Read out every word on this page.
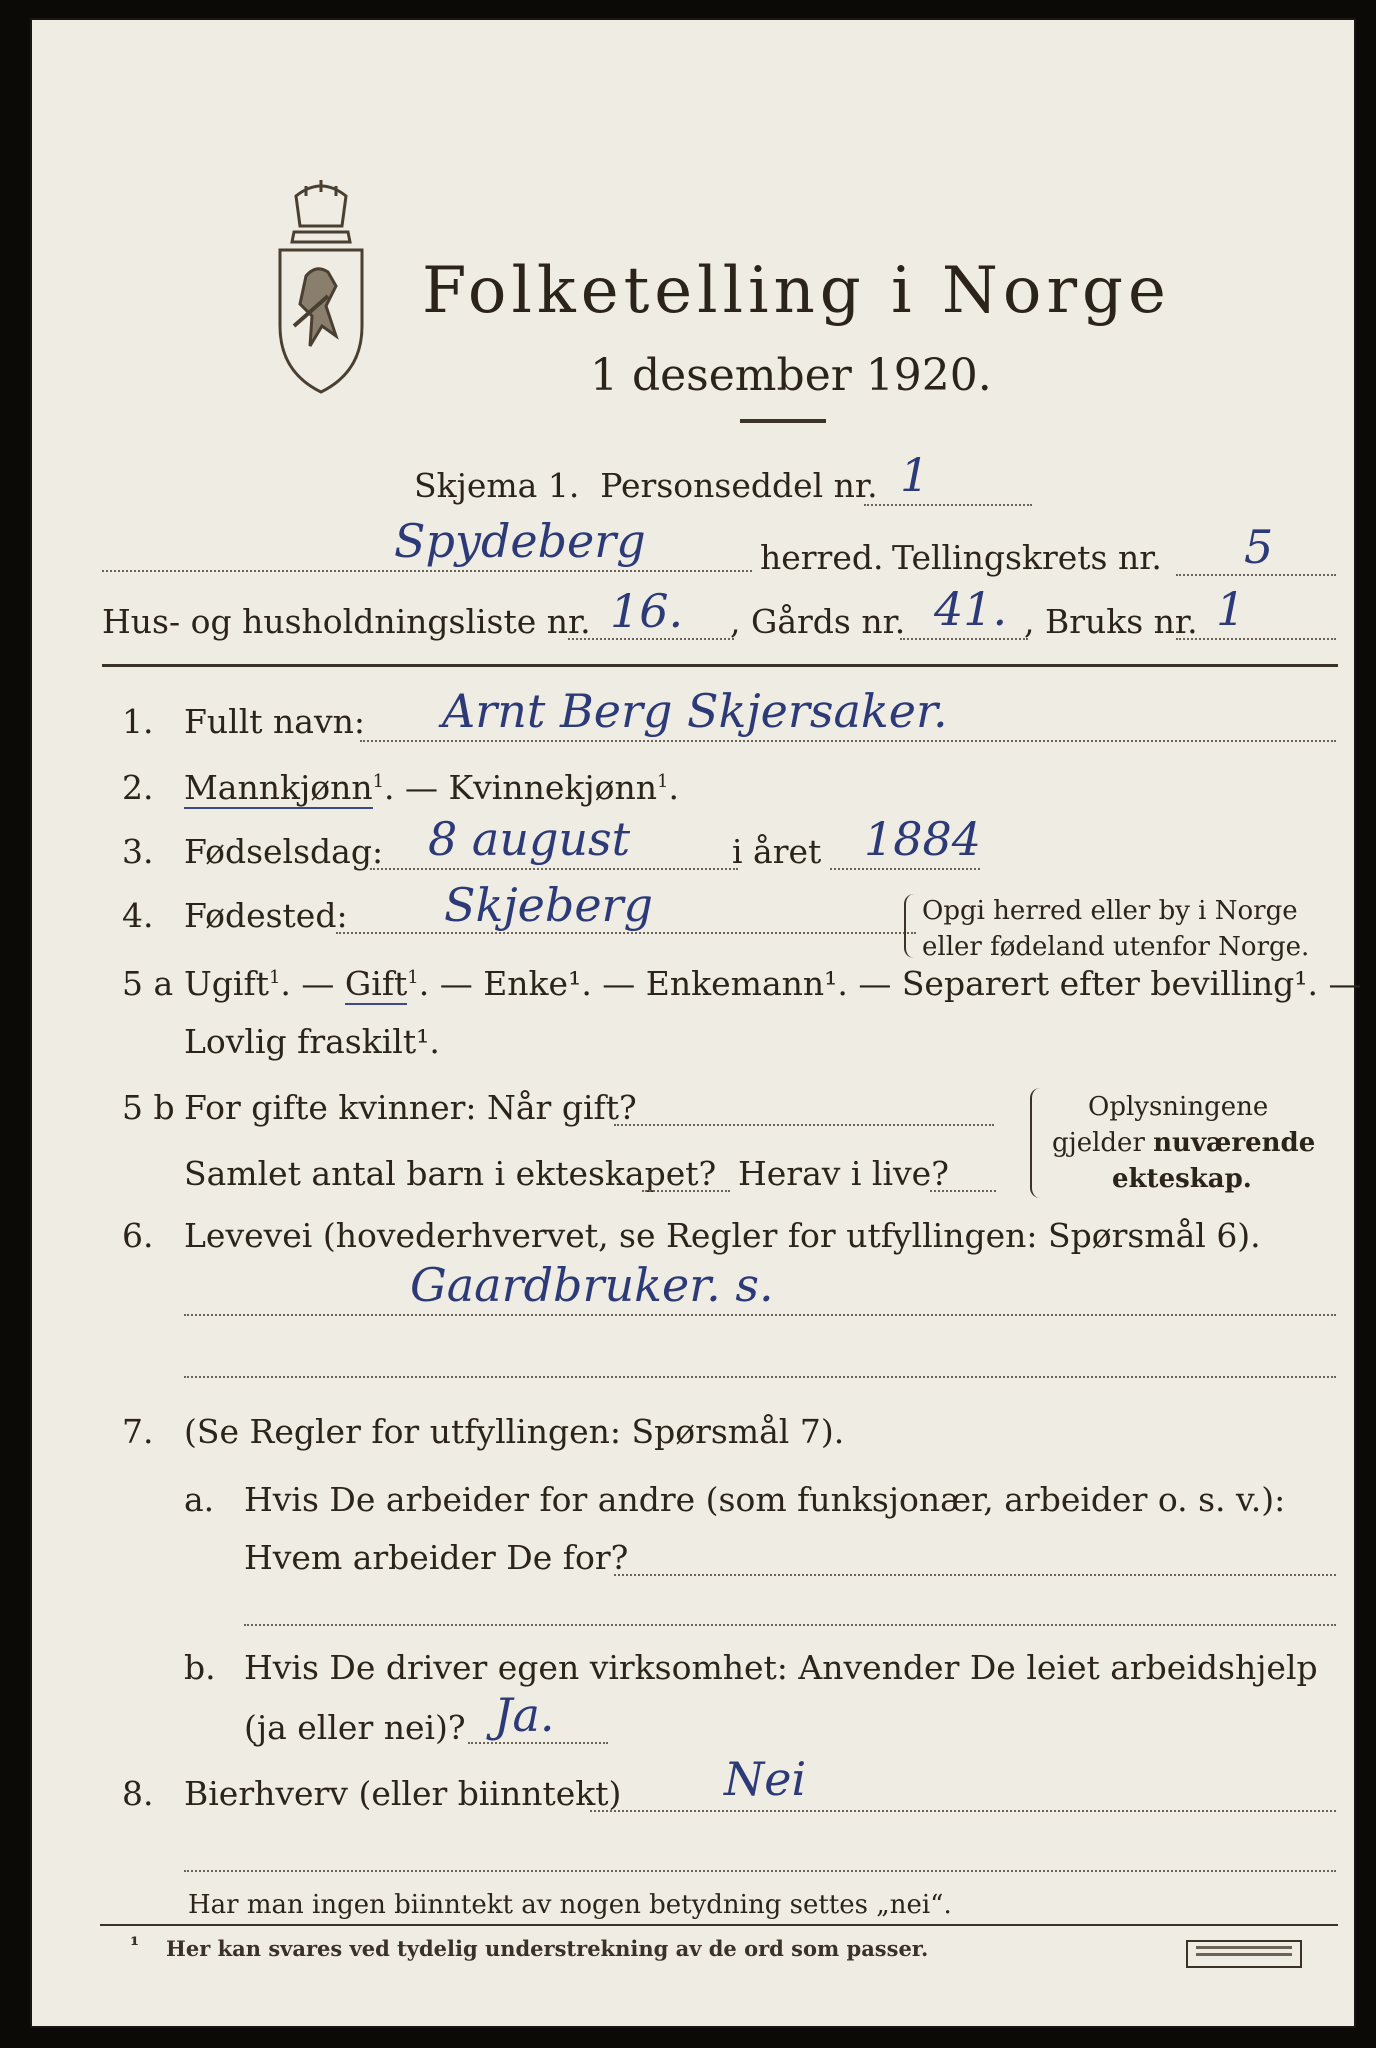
Folketelling i Norge
1 desember 1920.
Skjema 1. Personseddel nr. 1
Spydeberg	herred. Tellingskrets nr. 5
Hus- og husholdningsliste nr. 16. , Gårds nr. 41. , Bruks nr. 1
1. Fullt navn: Arnt Berg Skjersaker.
2. Mannkjønn$^1$. — Kvinnekjønn$^1$.
3. Fødselsdag: 8 august	i året 1884
4. Fødested: Skjeberg	Opgi herred eller by i Norge
eller fødeland utenfor Norge.
5 a Ugift$^1$. — Gift$^1$. — Enke¹. — Enkemann¹. — Separert efter bevilling¹. —
Lovlig fraskilt¹.
5 b For gifte kvinner: Når gift?
Samlet antal barn i ekteskapet? Herav i live?
Oplysningene
gjelder nuværende
ekteskap.
6. Levevei (hovederhvervet, se Regler for utfyllingen: Spørsmål 6).
Gaardbruker. s.
7. (Se Regler for utfyllingen: Spørsmål 7).
a. Hvis De arbeider for andre (som funksjonær, arbeider o. s. v.):
Hvem arbeider De for?
b. Hvis De driver egen virksomhet: Anvender De leiet arbeidshjelp
(ja eller nei)? Ja.
8. Bierhverv (eller biinntekt) Nei
Har man ingen biinntekt av nogen betydning settes „nei“.
¹ Her kan svares ved tydelig understrekning av de ord som passer.
